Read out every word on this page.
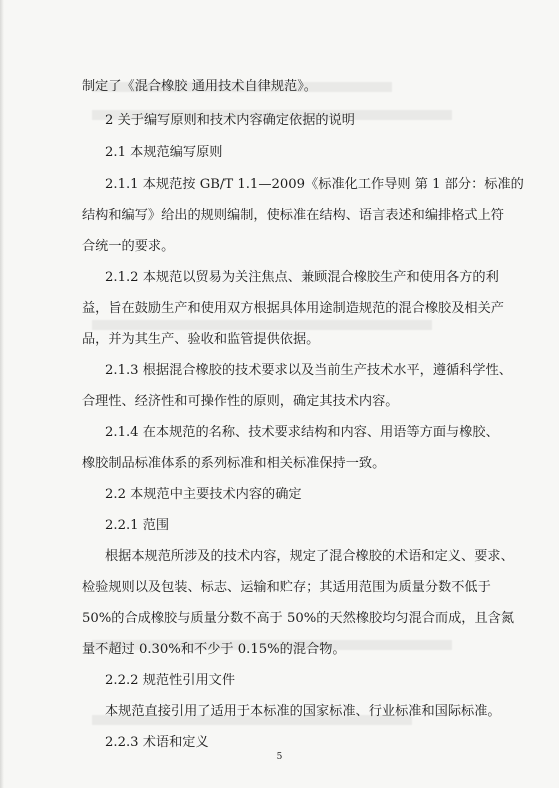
制定了《混合橡胶 通用技术自律规范》。
2 关于编写原则和技术内容确定依据的说明
2.1 本规范编写原则
2.1.1 本规范按 GB/T 1.1—2009《标准化工作导则 第 1 部分：标准的
结构和编写》给出的规则编制，使标准在结构、语言表述和编排格式上符
合统一的要求。
2.1.2 本规范以贸易为关注焦点、兼顾混合橡胶生产和使用各方的利
益，旨在鼓励生产和使用双方根据具体用途制造规范的混合橡胶及相关产
品，并为其生产、验收和监管提供依据。
2.1.3 根据混合橡胶的技术要求以及当前生产技术水平，遵循科学性、
合理性、经济性和可操作性的原则，确定其技术内容。
2.1.4 在本规范的名称、技术要求结构和内容、用语等方面与橡胶、
橡胶制品标准体系的系列标准和相关标准保持一致。
2.2 本规范中主要技术内容的确定
2.2.1 范围
根据本规范所涉及的技术内容，规定了混合橡胶的术语和定义、要求、
检验规则以及包装、标志、运输和贮存；其适用范围为质量分数不低于
50%的合成橡胶与质量分数不高于 50%的天然橡胶均匀混合而成，且含氮
量不超过 0.30%和不少于 0.15%的混合物。
2.2.2 规范性引用文件
本规范直接引用了适用于本标准的国家标准、行业标准和国际标准。
2.2.3 术语和定义
5
